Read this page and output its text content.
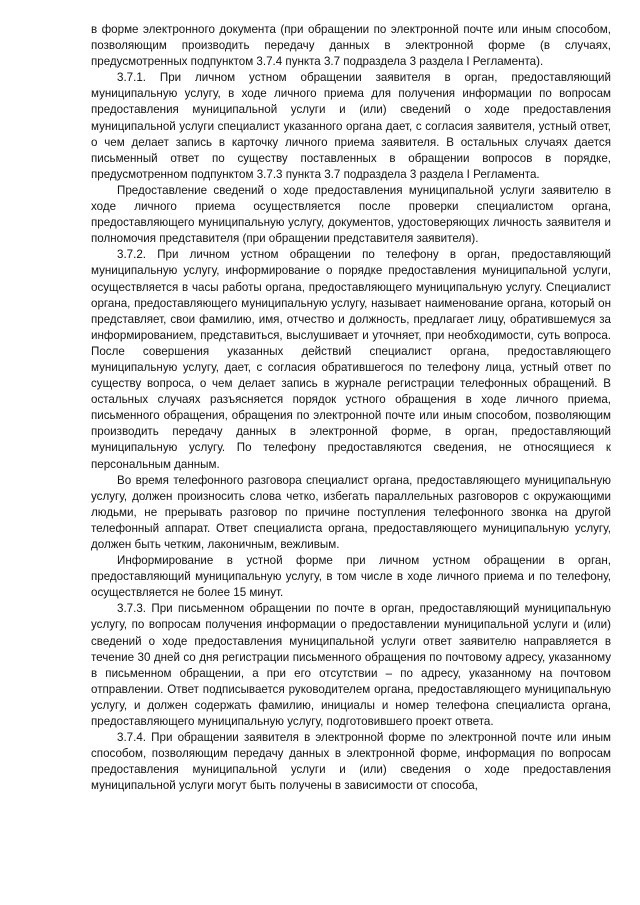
в форме электронного документа (при обращении по электронной почте или иным способом, позволяющим производить передачу данных в электронной форме (в случаях, предусмотренных подпунктом 3.7.4 пункта 3.7 подраздела 3 раздела I Регламента).

3.7.1. При личном устном обращении заявителя в орган, предоставляющий муниципальную услугу, в ходе личного приема для получения информации по вопросам предоставления муниципальной услуги и (или) сведений о ходе предоставления муниципальной услуги специалист указанного органа дает, с согласия заявителя, устный ответ, о чем делает запись в карточку личного приема заявителя. В остальных случаях дается письменный ответ по существу поставленных в обращении вопросов в порядке, предусмотренном подпунктом 3.7.3 пункта 3.7 подраздела 3 раздела I Регламента.

Предоставление сведений о ходе предоставления муниципальной услуги заявителю в ходе личного приема осуществляется после проверки специалистом органа, предоставляющего муниципальную услугу, документов, удостоверяющих личность заявителя и полномочия представителя (при обращении представителя заявителя).

3.7.2. При личном устном обращении по телефону в орган, предоставляющий муниципальную услугу, информирование о порядке предоставления муниципальной услуги, осуществляется в часы работы органа, предоставляющего муниципальную услугу. Специалист органа, предоставляющего муниципальную услугу, называет наименование органа, который он представляет, свои фамилию, имя, отчество и должность, предлагает лицу, обратившемуся за информированием, представиться, выслушивает и уточняет, при необходимости, суть вопроса. После совершения указанных действий специалист органа, предоставляющего муниципальную услугу, дает, с согласия обратившегося по телефону лица, устный ответ по существу вопроса, о чем делает запись в журнале регистрации телефонных обращений. В остальных случаях разъясняется порядок устного обращения в ходе личного приема, письменного обращения, обращения по электронной почте или иным способом, позволяющим производить передачу данных в электронной форме, в орган, предоставляющий муниципальную услугу. По телефону предоставляются сведения, не относящиеся к персональным данным.

Во время телефонного разговора специалист органа, предоставляющего муниципальную услугу, должен произносить слова четко, избегать параллельных разговоров с окружающими людьми, не прерывать разговор по причине поступления телефонного звонка на другой телефонный аппарат. Ответ специалиста органа, предоставляющего муниципальную услугу, должен быть четким, лаконичным, вежливым.

Информирование в устной форме при личном устном обращении в орган, предоставляющий муниципальную услугу, в том числе в ходе личного приема и по телефону, осуществляется не более 15 минут.

3.7.3. При письменном обращении по почте в орган, предоставляющий муниципальную услугу, по вопросам получения информации о предоставлении муниципальной услуги и (или) сведений о ходе предоставления муниципальной услуги ответ заявителю направляется в течение 30 дней со дня регистрации письменного обращения по почтовому адресу, указанному в письменном обращении, а при его отсутствии – по адресу, указанному на почтовом отправлении. Ответ подписывается руководителем органа, предоставляющего муниципальную услугу, и должен содержать фамилию, инициалы и номер телефона специалиста органа, предоставляющего муниципальную услугу, подготовившего проект ответа.

3.7.4. При обращении заявителя в электронной форме по электронной почте или иным способом, позволяющим передачу данных в электронной форме, информация по вопросам предоставления муниципальной услуги и (или) сведения о ходе предоставления муниципальной услуги могут быть получены в зависимости от способа,
